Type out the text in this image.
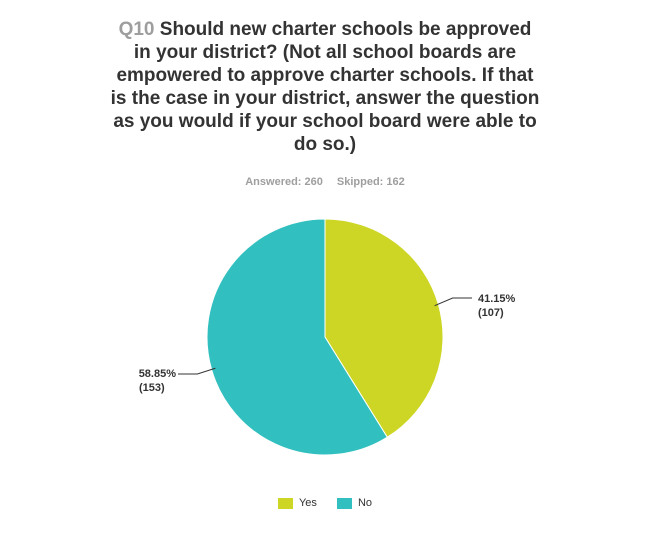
Q10 Should new charter schools be approved in your district? (Not all school boards are empowered to approve charter schools. If that is the case in your district, answer the question as you would if your school board were able to do so.)
Answered: 260 Skipped: 162
41.15%
(107)
58.85%
(153)
Yes	No
